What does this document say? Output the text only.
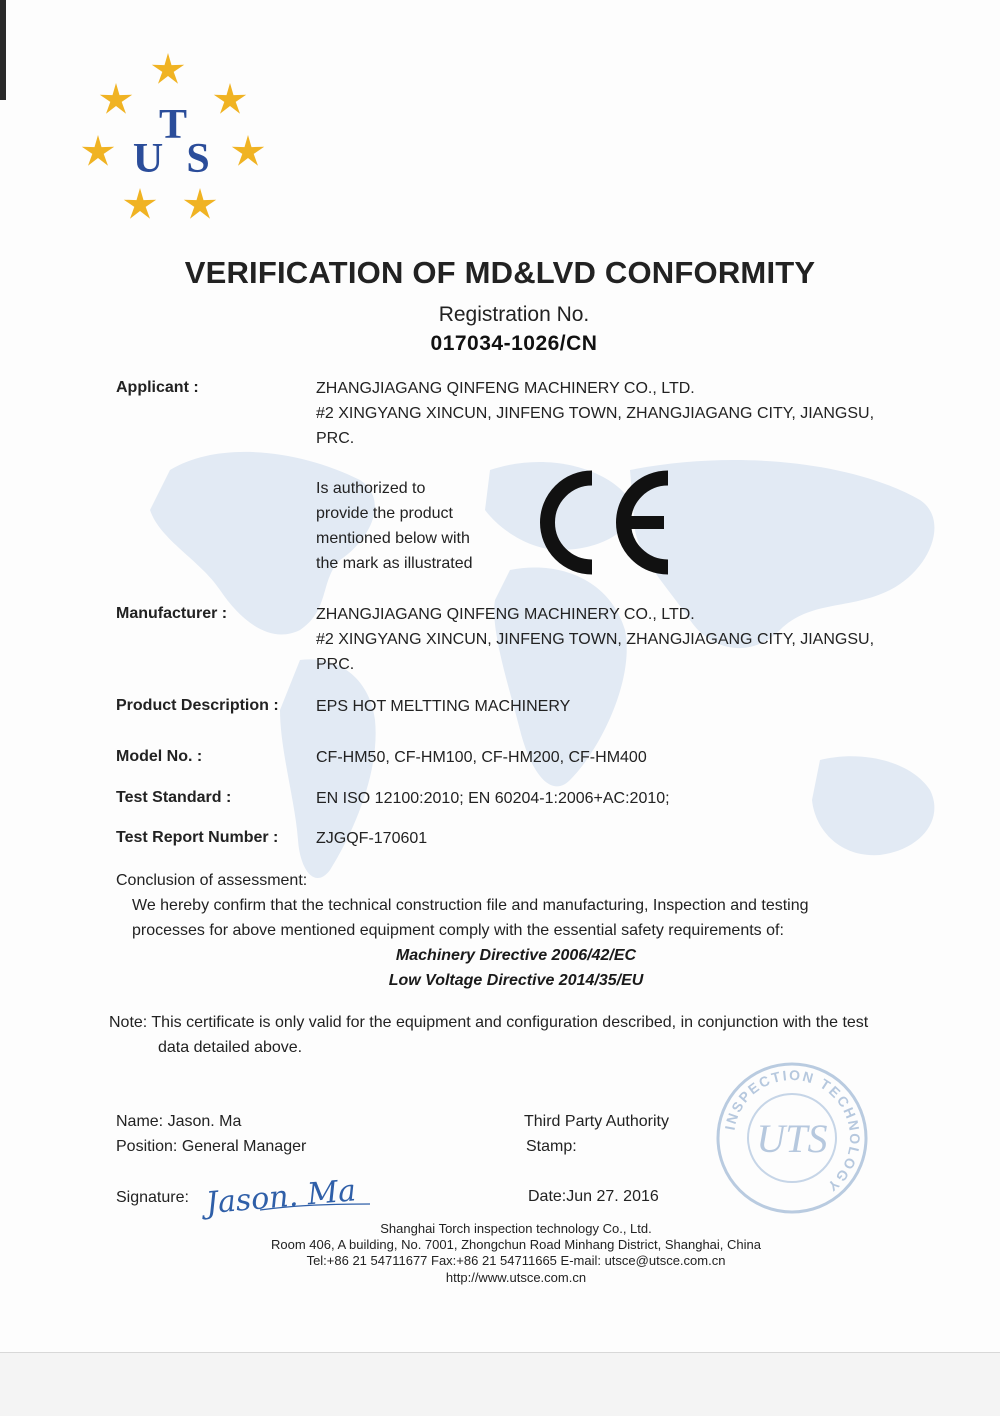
T
U S
VERIFICATION OF MD&LVD CONFORMITY
Registration No.
017034-1026/CN
Applicant :	ZHANGJIAGANG QINFENG MACHINERY CO., LTD.
#2 XINGYANG XINCUN, JINFENG TOWN, ZHANGJIAGANG CITY, JIANGSU,
PRC.
Is authorized to
provide the product
mentioned below with
the mark as illustrated
Manufacturer :	ZHANGJIAGANG QINFENG MACHINERY CO., LTD.
#2 XINGYANG XINCUN, JINFENG TOWN, ZHANGJIAGANG CITY, JIANGSU,
PRC.
Product Description : EPS HOT MELTTING MACHINERY
Model No. :	CF-HM50, CF-HM100, CF-HM200, CF-HM400
Test Standard :	EN ISO 12100:2010; EN 60204-1:2006+AC:2010;
Test Report Number : ZJGQF-170601
Conclusion of assessment:
We hereby confirm that the technical construction file and manufacturing, Inspection and testing
processes for above mentioned equipment comply with the essential safety requirements of:
Machinery Directive 2006/42/EC
Low Voltage Directive 2014/35/EU
Note: This certificate is only valid for the equipment and configuration described, in conjunction with the test
data detailed above.
Name: Jason. Ma
Position: General Manager
Signature: Jason. Ma
Third Party Authority
Stamp:
Date:Jun 27. 2016
INSPECTION TECHNOLOGY
UTS
Shanghai Torch inspection technology Co., Ltd.
Room 406, A building, No. 7001, Zhongchun Road Minhang District, Shanghai, China
Tel:+86 21 54711677 Fax:+86 21 54711665 E-mail: utsce@utsce.com.cn
http://www.utsce.com.cn
